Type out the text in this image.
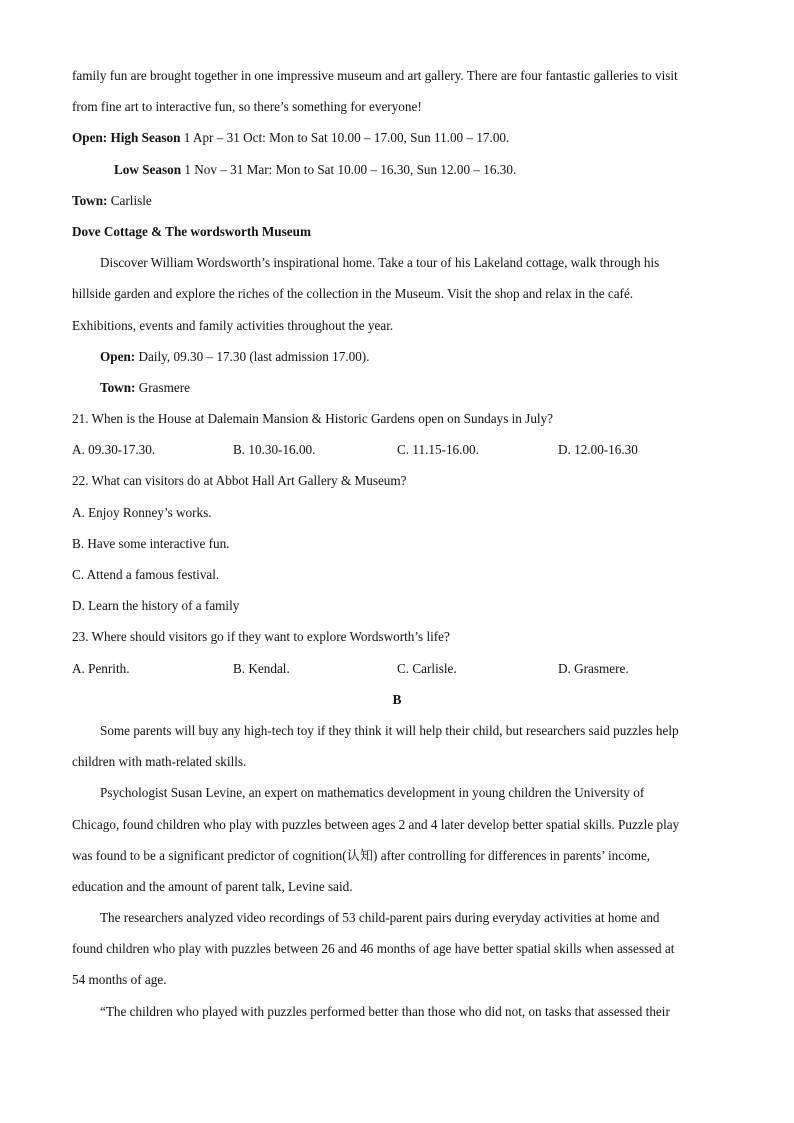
family fun are brought together in one impressive museum and art gallery. There are four fantastic galleries to visit
from fine art to interactive fun, so there’s something for everyone!
Open: High Season 1 Apr – 31 Oct: Mon to Sat 10.00 – 17.00, Sun 11.00 – 17.00.
Low Season 1 Nov – 31 Mar: Mon to Sat 10.00 – 16.30, Sun 12.00 – 16.30.
Town: Carlisle
Dove Cottage & The wordsworth Museum
Discover William Wordsworth’s inspirational home. Take a tour of his Lakeland cottage, walk through his
hillside garden and explore the riches of the collection in the Museum. Visit the shop and relax in the café.
Exhibitions, events and family activities throughout the year.
Open: Daily, 09.30 – 17.30 (last admission 17.00).
Town: Grasmere
21. When is the House at Dalemain Mansion & Historic Gardens open on Sundays in July?
A. 09.30-17.30.	B. 10.30-16.00.	C. 11.15-16.00.	D. 12.00-16.30
22. What can visitors do at Abbot Hall Art Gallery & Museum?
A. Enjoy Ronney’s works.
B. Have some interactive fun.
C. Attend a famous festival.
D. Learn the history of a family
23. Where should visitors go if they want to explore Wordsworth’s life?
A. Penrith.	B. Kendal.	C. Carlisle.	D. Grasmere.
B
Some parents will buy any high-tech toy if they think it will help their child, but researchers said puzzles help
children with math-related skills.
Psychologist Susan Levine, an expert on mathematics development in young children the University of
Chicago, found children who play with puzzles between ages 2 and 4 later develop better spatial skills. Puzzle play
was found to be a significant predictor of cognition(认知) after controlling for differences in parents’ income,
education and the amount of parent talk, Levine said.
The researchers analyzed video recordings of 53 child-parent pairs during everyday activities at home and
found children who play with puzzles between 26 and 46 months of age have better spatial skills when assessed at
54 months of age.
“The children who played with puzzles performed better than those who did not, on tasks that assessed their
